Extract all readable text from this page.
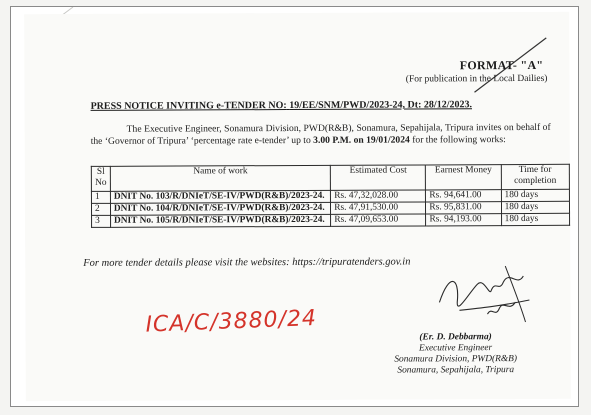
FORMAT- "A"
(For publication in the Local Dailies)
PRESS NOTICE INVITING e-TENDER NO: 19/EE/SNM/PWD/2023-24, Dt: 28/12/2023.
The Executive Engineer, Sonamura Division, PWD(R&B), Sonamura, Sepahijala, Tripura invites on behalf of the ‘Governor of Tripura’ ‘percentage rate e-tender’ up to 3.00 P.M. on 19/01/2024 for the following works:
Sl No	Name of work	Estimated Cost	Earnest Money	Time for completion
1	DNIT No. 103/R/DNIeT/SE-IV/PWD(R&B)/2023-24.	Rs. 47,32,028.00	Rs. 94,641.00	180 days
2	DNIT No. 104/R/DNIeT/SE-IV/PWD(R&B)/2023-24.	Rs. 47,91,530.00	Rs. 95,831.00	180 days
3	DNIT No. 105/R/DNIeT/SE-IV/PWD(R&B)/2023-24.	Rs. 47,09,653.00	Rs. 94,193.00	180 days
For more tender details please visit the websites: https://tripuratenders.gov.in
ICA/C/3880/24	(Er. D. Debbarma)
Executive Engineer
Sonamura Division, PWD(R&B)
Sonamura, Sepahijala, Tripura
